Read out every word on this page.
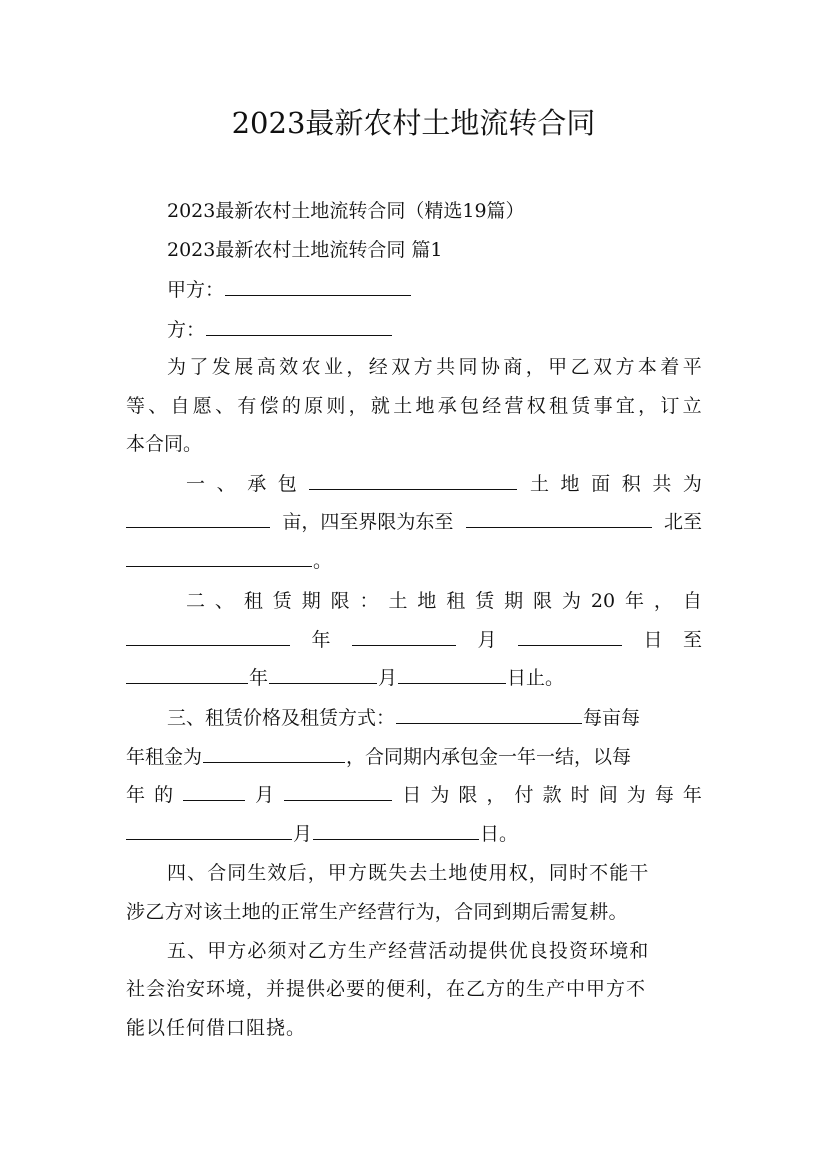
2023最新农村土地流转合同
2023最新农村土地流转合同（精选19篇）
2023最新农村土地流转合同 篇1
甲方：
方：
为 了 发 展 高 效 农 业 ， 经 双 方 共 同 协 商 ， 甲 乙 双 方 本 着 平
等 、 自 愿 、 有 偿 的 原 则 ， 就 土 地 承 包 经 营 权 租 赁 事 宜 ， 订 立
本合同。
一 、 承 包	土 地 面 积 共 为
亩，四至界限为东至	北至
。
二 、 租 赁 期 限 ： 土 地 租 赁 期 限 为 20 年 ， 自
年	月	日 至
年	月	日止。
三、租赁价格及租赁方式：	每亩每
年租金为	，合同期内承包金一年一结，以每
年 的	月	日 为 限 ， 付 款 时 间 为 每 年
月	日。
四、合同生效后，甲方既失去土地使用权，同时不能干
涉乙方对该土地的正常生产经营行为，合同到期后需复耕。
五、甲方必须对乙方生产经营活动提供优良投资环境和
社会治安环境，并提供必要的便利，在乙方的生产中甲方不
能以任何借口阻挠。
